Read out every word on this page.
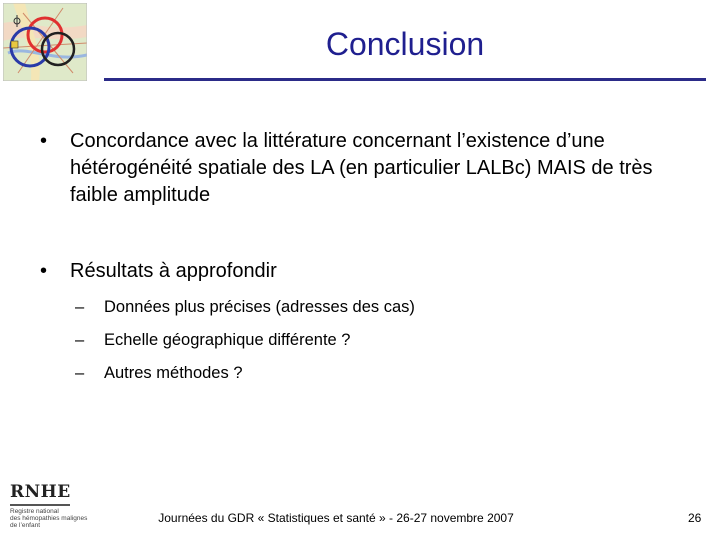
Conclusion
• Concordance avec la littérature concernant l’existence d’une hétérogénéité spatiale des LA (en particulier LALBc) MAIS de très faible amplitude
• Résultats à approfondir
– Données plus précises (adresses des cas)
– Echelle géographique différente ?
– Autres méthodes ?
RNHE
Registre national
des hémopathies malignes
de l’enfant
Journées du GDR « Statistiques et santé » - 26-27 novembre 2007	26
